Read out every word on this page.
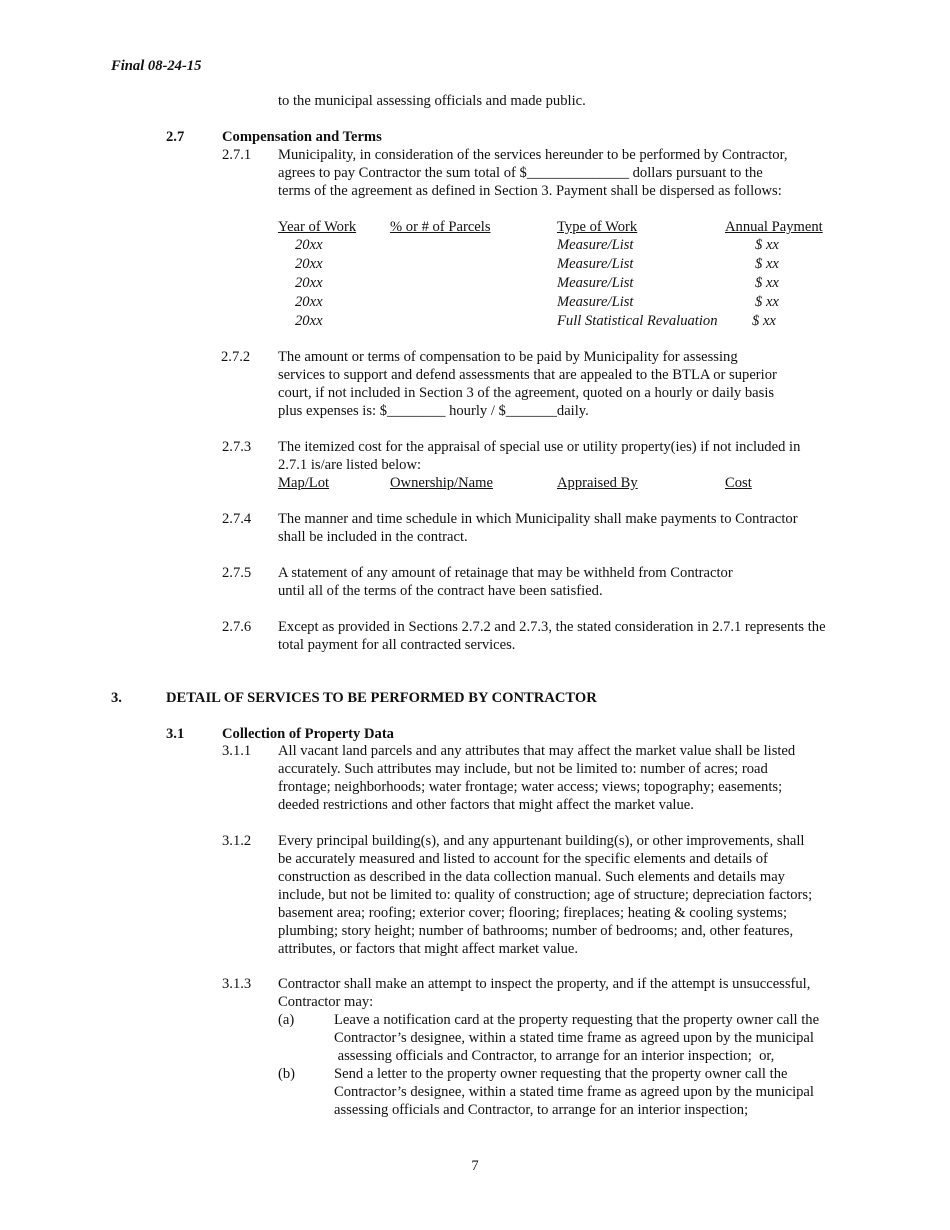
Final 08-24-15
to the municipal assessing officials and made public.
2.7	Compensation and Terms
2.7.1 Municipality, in consideration of the services hereunder to be performed by Contractor,
agrees to pay Contractor the sum total of $______________ dollars pursuant to the
terms of the agreement as defined in Section 3. Payment shall be dispersed as follows:
Year of Work % or # of Parcels	Type of Work	Annual Payment
20xx	Measure/List	$ xx
20xx	Measure/List	$ xx
20xx	Measure/List	$ xx
20xx	Measure/List	$ xx
20xx	Full Statistical Revaluation $ xx
2.7.2 The amount or terms of compensation to be paid by Municipality for assessing
services to support and defend assessments that are appealed to the BTLA or superior
court, if not included in Section 3 of the agreement, quoted on a hourly or daily basis
plus expenses is: $________ hourly / $_______daily.
2.7.3 The itemized cost for the appraisal of special use or utility property(ies) if not included in
2.7.1 is/are listed below:
Map/Lot	Ownership/Name	Appraised By	Cost
2.7.4 The manner and time schedule in which Municipality shall make payments to Contractor
shall be included in the contract.
2.7.5 A statement of any amount of retainage that may be withheld from Contractor
until all of the terms of the contract have been satisfied.
2.7.6 Except as provided in Sections 2.7.2 and 2.7.3, the stated consideration in 2.7.1 represents the
total payment for all contracted services.
3.	DETAIL OF SERVICES TO BE PERFORMED BY CONTRACTOR
3.1	Collection of Property Data
3.1.1 All vacant land parcels and any attributes that may affect the market value shall be listed
accurately. Such attributes may include, but not be limited to: number of acres; road
frontage; neighborhoods; water frontage; water access; views; topography; easements;
deeded restrictions and other factors that might affect the market value.
3.1.2 Every principal building(s), and any appurtenant building(s), or other improvements, shall
be accurately measured and listed to account for the specific elements and details of
construction as described in the data collection manual. Such elements and details may
include, but not be limited to: quality of construction; age of structure; depreciation factors;
basement area; roofing; exterior cover; flooring; fireplaces; heating & cooling systems;
plumbing; story height; number of bathrooms; number of bedrooms; and, other features,
attributes, or factors that might affect market value.
3.1.3 Contractor shall make an attempt to inspect the property, and if the attempt is unsuccessful,
Contractor may:
(a)	Leave a notification card at the property requesting that the property owner call the
Contractor’s designee, within a stated time frame as agreed upon by the municipal
assessing officials and Contractor, to arrange for an interior inspection;  or,
(b)	Send a letter to the property owner requesting that the property owner call the
Contractor’s designee, within a stated time frame as agreed upon by the municipal
assessing officials and Contractor, to arrange for an interior inspection;
7
